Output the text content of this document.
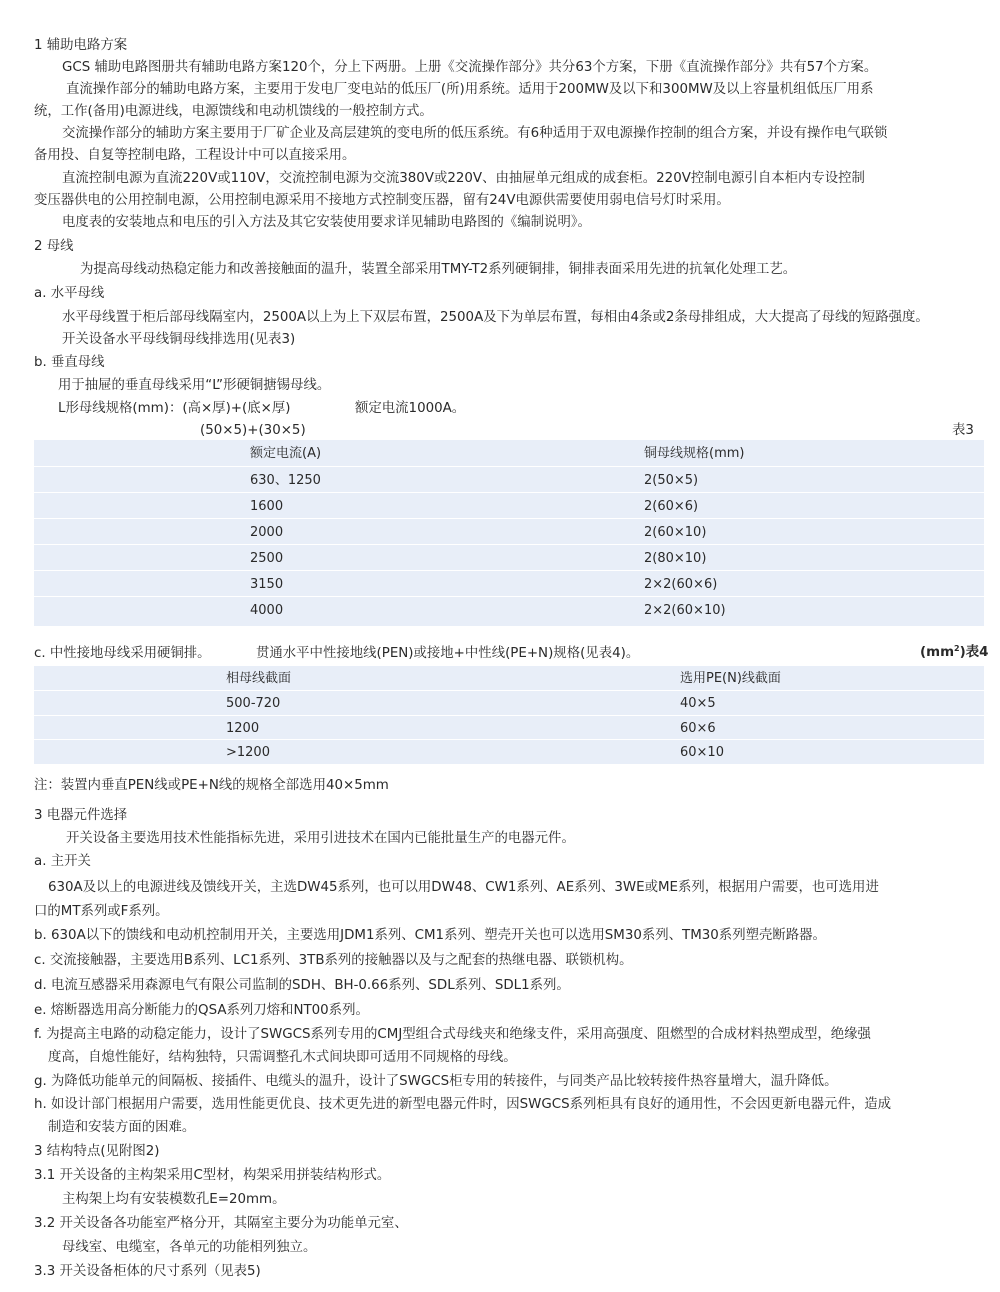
1 辅助电路方案
GCS 辅助电路图册共有辅助电路方案120个，分上下两册。上册《交流操作部分》共分63个方案，下册《直流操作部分》共有57个方案。
直流操作部分的辅助电路方案，主要用于发电厂变电站的低压厂(所)用系统。适用于200MW及以下和300MW及以上容量机组低压厂用系
统，工作(备用)电源进线，电源馈线和电动机馈线的一般控制方式。
交流操作部分的辅助方案主要用于厂矿企业及高层建筑的变电所的低压系统。有6种适用于双电源操作控制的组合方案，并设有操作电气联锁
备用投、自复等控制电路，工程设计中可以直接采用。
直流控制电源为直流220V或110V，交流控制电源为交流380V或220V、由抽屉单元组成的成套柜。220V控制电源引自本柜内专设控制
变压器供电的公用控制电源，公用控制电源采用不接地方式控制变压器，留有24V电源供需要使用弱电信号灯时采用。
电度表的安装地点和电压的引入方法及其它安装使用要求详见辅助电路图的《编制说明》。
2 母线
为提高母线动热稳定能力和改善接触面的温升，装置全部采用TMY-T2系列硬铜排，铜排表面采用先进的抗氧化处理工艺。
a. 水平母线
水平母线置于柜后部母线隔室内，2500A以上为上下双层布置，2500A及下为单层布置，每相由4条或2条母排组成，大大提高了母线的短路强度。
开关设备水平母线铜母线排选用(见表3)
b. 垂直母线
用于抽屉的垂直母线采用“L”形硬铜搪锡母线。
L形母线规格(mm)：(高×厚)+(底×厚)	额定电流1000A。
(50×5)+(30×5)	表3
额定电流(A)	铜母线规格(mm)
630、1250	2(50×5)
1600	2(60×6)
2000	2(60×10)
2500	2(80×10)
3150	2×2(60×6)
4000	2×2(60×10)
c. 中性接地母线采用硬铜排。	贯通水平中性接地线(PEN)或接地+中性线(PE+N)规格(见表4)。	$(mm^2)$表4
相母线截面	选用PE(N)线截面
500-720	40×5
1200	60×6
>1200	60×10
注：装置内垂直PEN线或PE+N线的规格全部选用40×5mm
3 电器元件选择
开关设备主要选用技术性能指标先进，采用引进技术在国内已能批量生产的电器元件。
a. 主开关
630A及以上的电源进线及馈线开关，主选DW45系列，也可以用DW48、CW1系列、AE系列、3WE或ME系列，根据用户需要，也可选用进
口的MT系列或F系列。
b. 630A以下的馈线和电动机控制用开关，主要选用JDM1系列、CM1系列、塑壳开关也可以选用SM30系列、TM30系列塑壳断路器。
c. 交流接触器，主要选用B系列、LC1系列、3TB系列的接触器以及与之配套的热继电器、联锁机构。
d. 电流互感器采用森源电气有限公司监制的SDH、BH-0.66系列、SDL系列、SDL1系列。
e. 熔断器选用高分断能力的QSA系列刀熔和NT00系列。
f. 为提高主电路的动稳定能力，设计了SWGCS系列专用的CMJ型组合式母线夹和绝缘支件，采用高强度、阻燃型的合成材料热塑成型，绝缘强
度高，自熄性能好，结构独特，只需调整孔木式间块即可适用不同规格的母线。
g. 为降低功能单元的间隔板、接插件、电缆头的温升，设计了SWGCS柜专用的转接件，与同类产品比较转接件热容量增大，温升降低。
h. 如设计部门根据用户需要，选用性能更优良、技术更先进的新型电器元件时，因SWGCS系列柜具有良好的通用性，不会因更新电器元件，造成
制造和安装方面的困难。
3 结构特点(见附图2)
3.1 开关设备的主构架采用C型材，构架采用拼装结构形式。
主构架上均有安装模数孔E=20mm。
3.2 开关设备各功能室严格分开，其隔室主要分为功能单元室、
母线室、电缆室，各单元的功能相列独立。
3.3 开关设备柜体的尺寸系列（见表5)
